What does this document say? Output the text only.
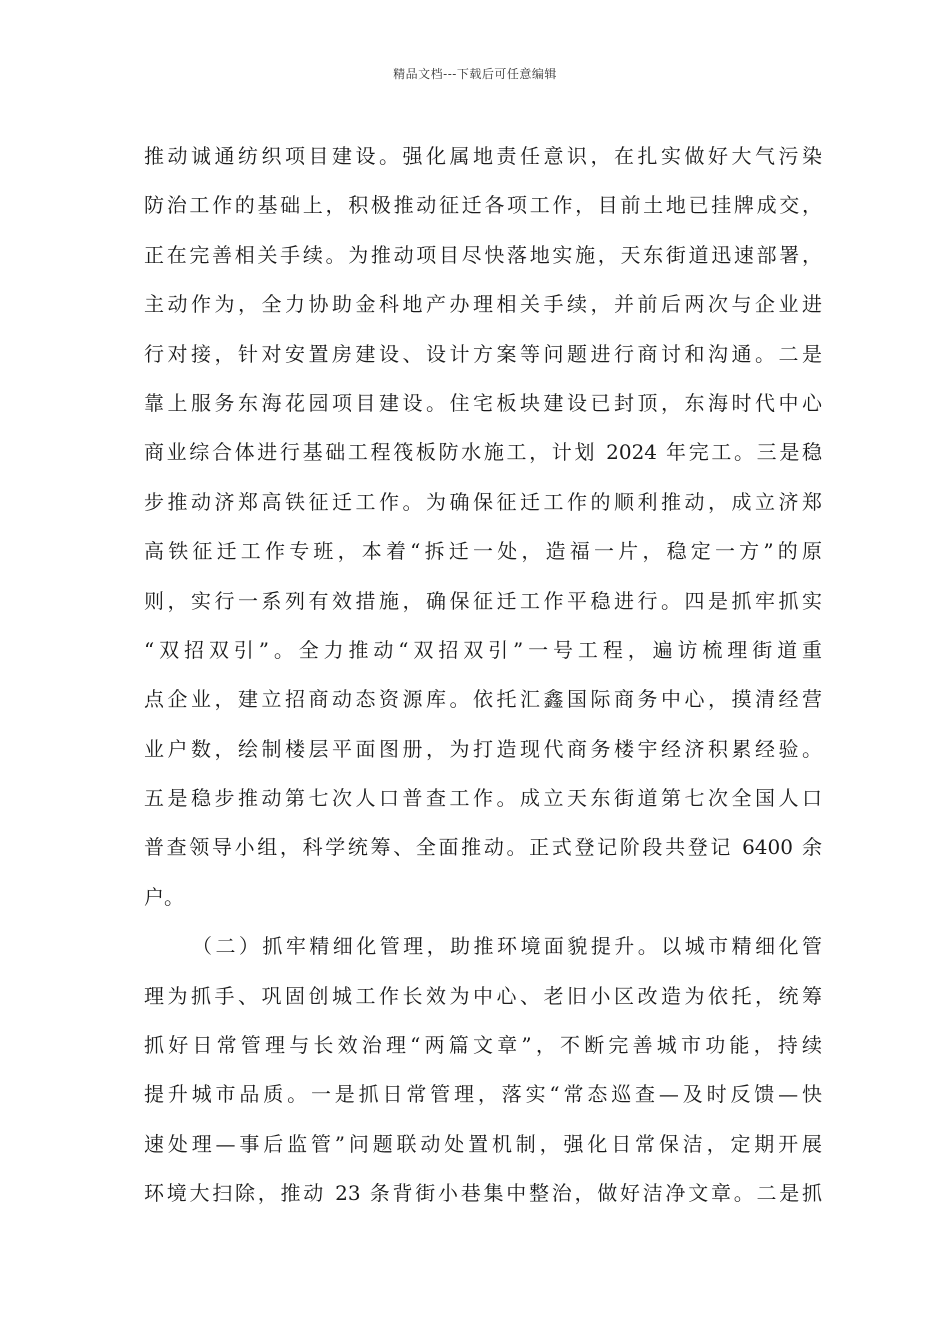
精品文档---下载后可任意编辑
推动诚通纺织项目建设。强化属地责任意识，在扎实做好大气污染
防治工作的基础上，积极推动征迁各项工作，目前土地已挂牌成交，
正在完善相关手续。为推动项目尽快落地实施，天东街道迅速部署，
主动作为，全力协助金科地产办理相关手续，并前后两次与企业进
行对接，针对安置房建设、设计方案等问题进行商讨和沟通。二是
靠上服务东海花园项目建设。住宅板块建设已封顶，东海时代中心
商业综合体进行基础工程筏板防水施工，计划 2024 年完工。三是稳
步推动济郑高铁征迁工作。为确保征迁工作的顺利推动，成立济郑
高铁征迁工作专班，本着“拆迁一处，造福一片，稳定一方”的原
则，实行一系列有效措施，确保征迁工作平稳进行。四是抓牢抓实
“双招双引”。全力推动“双招双引”一号工程，遍访梳理街道重
点企业，建立招商动态资源库。依托汇鑫国际商务中心，摸清经营
业户数，绘制楼层平面图册，为打造现代商务楼宇经济积累经验。
五是稳步推动第七次人口普查工作。成立天东街道第七次全国人口
普查领导小组，科学统筹、全面推动。正式登记阶段共登记 6400 余
户。
（二）抓牢精细化管理，助推环境面貌提升。以城市精细化管
理为抓手、巩固创城工作长效为中心、老旧小区改造为依托，统筹
抓好日常管理与长效治理“两篇文章”，不断完善城市功能，持续
提升城市品质。一是抓日常管理，落实“常态巡查—及时反馈—快
速处理—事后监管”问题联动处置机制，强化日常保洁，定期开展
环境大扫除，推动 23 条背街小巷集中整治，做好洁净文章。二是抓
